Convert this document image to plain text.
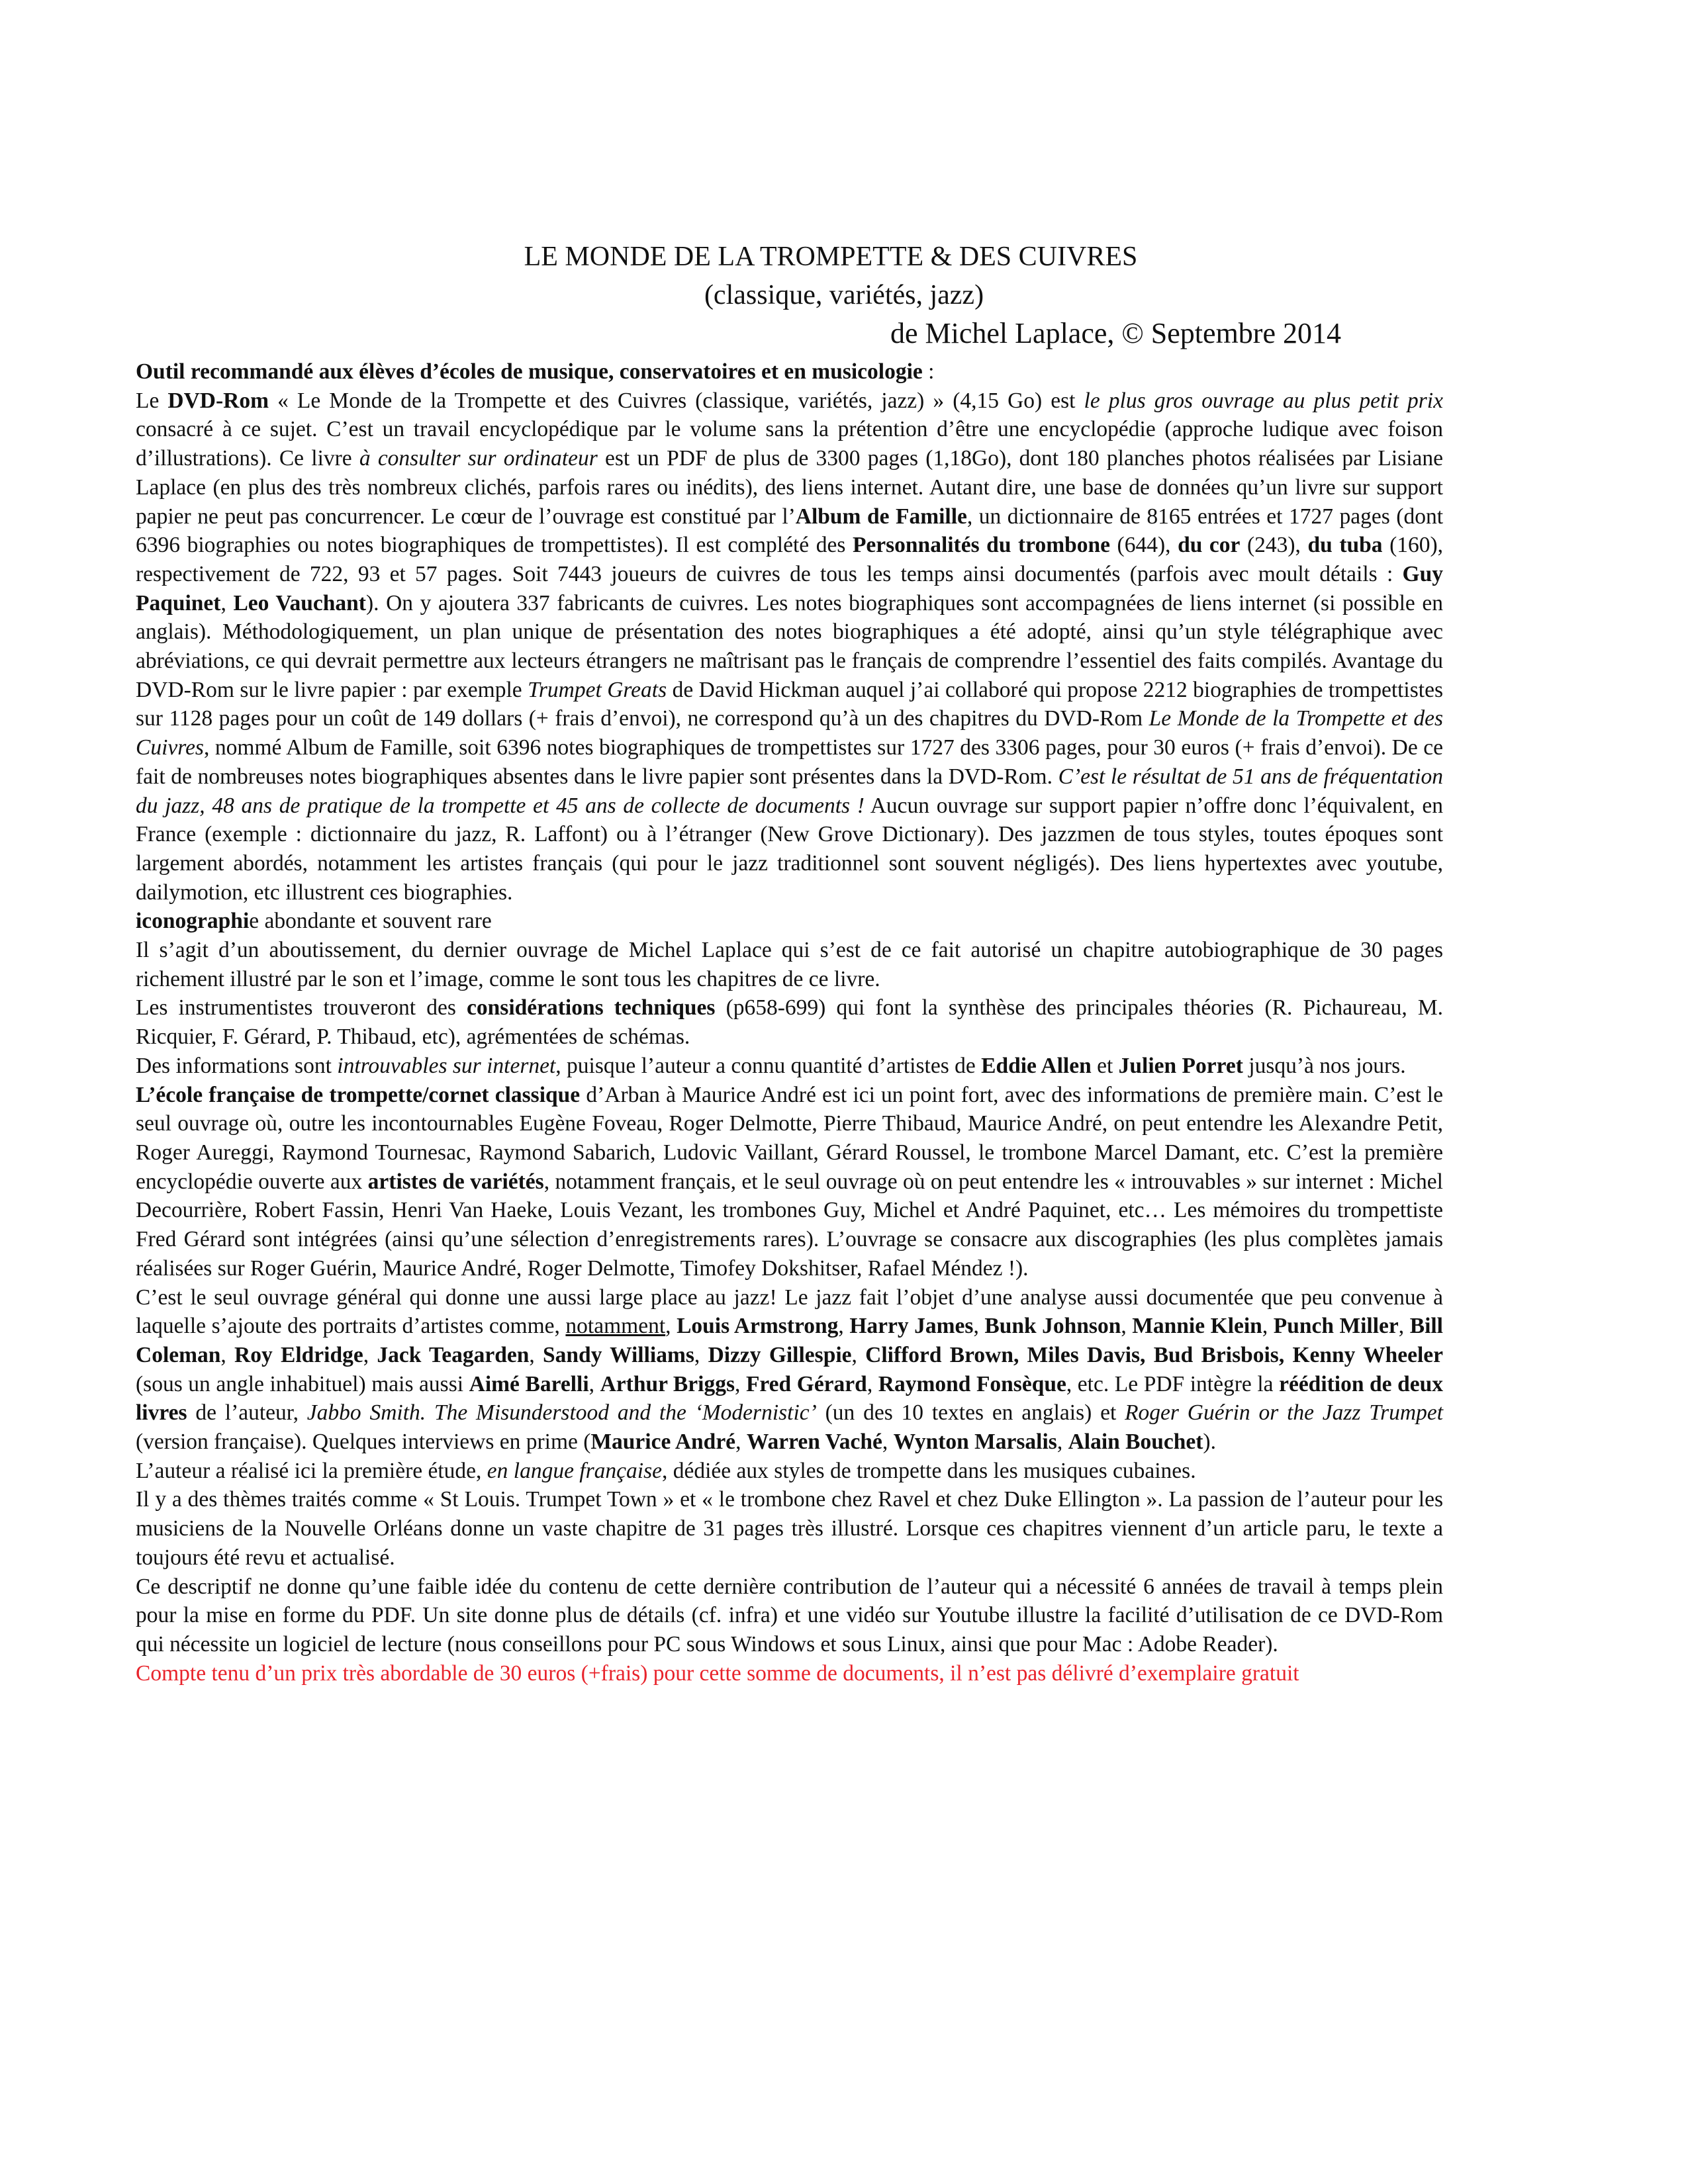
LE MONDE DE LA TROMPETTE & DES CUIVRES
(classique, variétés, jazz)
de Michel Laplace, © Septembre 2014

Outil recommandé aux élèves d’écoles de musique, conservatoires et en musicologie :

Le DVD-Rom « Le Monde de la Trompette et des Cuivres (classique, variétés, jazz) » (4,15 Go) est le plus gros ouvrage au plus petit prix consacré à ce sujet. C’est un travail encyclopédique par le volume sans la prétention d’être une encyclopédie (approche ludique avec foison d’illustrations). Ce livre à consulter sur ordinateur est un PDF de plus de 3300 pages (1,18Go), dont 180 planches photos réalisées par Lisiane Laplace (en plus des très nombreux clichés, parfois rares ou inédits), des liens internet. Autant dire, une base de données qu’un livre sur support papier ne peut pas concurrencer. Le cœur de l’ouvrage est constitué par l’Album de Famille, un dictionnaire de 8165 entrées et 1727 pages (dont 6396 biographies ou notes biographiques de trompettistes). Il est complété des Personnalités du trombone (644), du cor (243), du tuba (160), respectivement de 722, 93 et 57 pages. Soit 7443 joueurs de cuivres de tous les temps ainsi documentés (parfois avec moult détails : Guy Paquinet, Leo Vauchant). On y ajoutera 337 fabricants de cuivres. Les notes biographiques sont accompagnées de liens internet (si possible en anglais). Méthodologiquement, un plan unique de présentation des notes biographiques a été adopté, ainsi qu’un style télégraphique avec abréviations, ce qui devrait permettre aux lecteurs étrangers ne maîtrisant pas le français de comprendre l’essentiel des faits compilés. Avantage du DVD-Rom sur le livre papier : par exemple Trumpet Greats de David Hickman auquel j’ai collaboré qui propose 2212 biographies de trompettistes sur 1128 pages pour un coût de 149 dollars (+ frais d’envoi), ne correspond qu’à un des chapitres du DVD-Rom Le Monde de la Trompette et des Cuivres, nommé Album de Famille, soit 6396 notes biographiques de trompettistes sur 1727 des 3306 pages, pour 30 euros (+ frais d’envoi). De ce fait de nombreuses notes biographiques absentes dans le livre papier sont présentes dans la DVD-Rom. C’est le résultat de 51 ans de fréquentation du jazz, 48 ans de pratique de la trompette et 45 ans de collecte de documents ! Aucun ouvrage sur support papier n’offre donc l’équivalent, en France (exemple : dictionnaire du jazz, R. Laffont) ou à l’étranger (New Grove Dictionary). Des jazzmen de tous styles, toutes époques sont largement abordés, notamment les artistes français (qui pour le jazz traditionnel sont souvent négligés). Des liens hypertextes avec youtube, dailymotion, etc illustrent ces biographies.

iconographie abondante et souvent rare

Il s’agit d’un aboutissement, du dernier ouvrage de Michel Laplace qui s’est de ce fait autorisé un chapitre autobiographique de 30 pages richement illustré par le son et l’image, comme le sont tous les chapitres de ce livre.

Les instrumentistes trouveront des considérations techniques (p658-699) qui font la synthèse des principales théories (R. Pichaureau, M. Ricquier, F. Gérard, P. Thibaud, etc), agrémentées de schémas.

Des informations sont introuvables sur internet, puisque l’auteur a connu quantité d’artistes de Eddie Allen et Julien Porret jusqu’à nos jours.

L’école française de trompette/cornet classique d’Arban à Maurice André est ici un point fort, avec des informations de première main. C’est le seul ouvrage où, outre les incontournables Eugène Foveau, Roger Delmotte, Pierre Thibaud, Maurice André, on peut entendre les Alexandre Petit, Roger Aureggi, Raymond Tournesac, Raymond Sabarich, Ludovic Vaillant, Gérard Roussel, le trombone Marcel Damant, etc. C’est la première encyclopédie ouverte aux artistes de variétés, notamment français, et le seul ouvrage où on peut entendre les « introuvables » sur internet : Michel Decourrière, Robert Fassin, Henri Van Haeke, Louis Vezant, les trombones Guy, Michel et André Paquinet, etc… Les mémoires du trompettiste Fred Gérard sont intégrées (ainsi qu’une sélection d’enregistrements rares). L’ouvrage se consacre aux discographies (les plus complètes jamais réalisées sur Roger Guérin, Maurice André, Roger Delmotte, Timofey Dokshitser, Rafael Méndez !).

C’est le seul ouvrage général qui donne une aussi large place au jazz! Le jazz fait l’objet d’une analyse aussi documentée que peu convenue à laquelle s’ajoute des portraits d’artistes comme, notamment, Louis Armstrong, Harry James, Bunk Johnson, Mannie Klein, Punch Miller, Bill Coleman, Roy Eldridge, Jack Teagarden, Sandy Williams, Dizzy Gillespie, Clifford Brown, Miles Davis, Bud Brisbois, Kenny Wheeler (sous un angle inhabituel) mais aussi Aimé Barelli, Arthur Briggs, Fred Gérard, Raymond Fonsèque, etc. Le PDF intègre la réédition de deux livres de l’auteur, Jabbo Smith. The Misunderstood and the ‘Modernistic’ (un des 10 textes en anglais) et Roger Guérin or the Jazz Trumpet (version française). Quelques interviews en prime (Maurice André, Warren Vaché, Wynton Marsalis, Alain Bouchet).

L’auteur a réalisé ici la première étude, en langue française, dédiée aux styles de trompette dans les musiques cubaines.

Il y a des thèmes traités comme « St Louis. Trumpet Town » et « le trombone chez Ravel et chez Duke Ellington ». La passion de l’auteur pour les musiciens de la Nouvelle Orléans donne un vaste chapitre de 31 pages très illustré. Lorsque ces chapitres viennent d’un article paru, le texte a toujours été revu et actualisé.

Ce descriptif ne donne qu’une faible idée du contenu de cette dernière contribution de l’auteur qui a nécessité 6 années de travail à temps plein pour la mise en forme du PDF. Un site donne plus de détails (cf. infra) et une vidéo sur Youtube illustre la facilité d’utilisation de ce DVD-Rom qui nécessite un logiciel de lecture (nous conseillons pour PC sous Windows et sous Linux, ainsi que pour Mac : Adobe Reader).

Compte tenu d’un prix très abordable de 30 euros (+frais) pour cette somme de documents, il n’est pas délivré d’exemplaire gratuit
